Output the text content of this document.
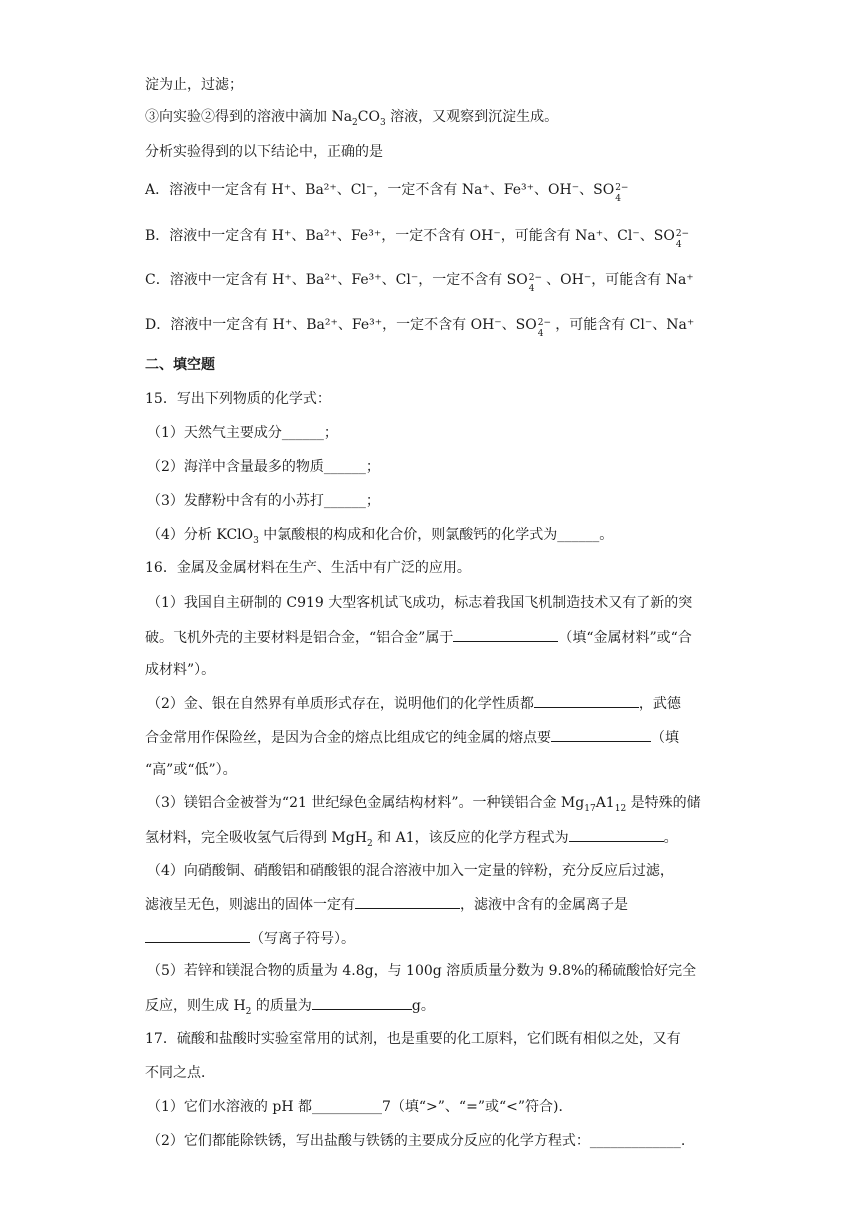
淀为止，过滤；
③向实验②得到的溶液中滴加 $Na_2CO_3$ 溶液，又观察到沉淀生成。
分析实验得到的以下结论中，正确的是
A．溶液中一定含有 H⁺、Ba²⁺、Cl⁻，一定不含有 Na⁺、Fe³⁺、OH⁻、SO 2−
4
B．溶液中一定含有 H⁺、Ba²⁺、Fe³⁺，一定不含有 OH⁻，可能含有 Na⁺、Cl⁻、SO 2−
4
C．溶液中一定含有 H⁺、Ba²⁺、Fe³⁺、Cl⁻，一定不含有 SO 2−
4
、OH⁻，可能含有 Na⁺
D．溶液中一定含有 H⁺、Ba²⁺、Fe³⁺，一定不含有 OH⁻、SO 2−
4
，可能含有 Cl⁻、Na⁺
二、填空题
15．写出下列物质的化学式：
（1）天然气主要成分______；
（2）海洋中含量最多的物质______；
（3）发酵粉中含有的小苏打______；
（4）分析 KClO$_3$ 中氯酸根的构成和化合价，则氯酸钙的化学式为______。
16．金属及金属材料在生产、生活中有广泛的应用。
（1）我国自主研制的 C919 大型客机试飞成功，标志着我国飞机制造技术又有了新的突
破。飞机外壳的主要材料是铝合金，“铝合金”属于	（填“金属材料”或“合
成材料”）。
（2）金、银在自然界有单质形式存在，说明他们的化学性质都	，武德
合金常用作保险丝，是因为合金的熔点比组成它的纯金属的熔点要	（填
“高”或“低”）。
（3）镁铝合金被誉为“21 世纪绿色金属结构材料”。一种镁铝合金 $Mg_{17}A1_{12}$ 是特殊的储
氢材料，完全吸收氢气后得到 MgH$_2$ 和 A1，该反应的化学方程式为	。
（4）向硝酸铜、硝酸铝和硝酸银的混合溶液中加入一定量的锌粉，充分反应后过滤，
滤液呈无色，则滤出的固体一定有	，滤液中含有的金属离子是
（写离子符号）。
（5）若锌和镁混合物的质量为 4.8g，与 100g 溶质质量分数为 9.8%的稀硫酸恰好完全
反应，则生成 $H_2$ 的质量为	g。
17．硫酸和盐酸时实验室常用的试剂，也是重要的化工原料，它们既有相似之处，又有
不同之点．
（1）它们水溶液的 pH 都__________7（填“>”、“=”或“<”符合)．
（2）它们都能除铁锈，写出盐酸与铁锈的主要成分反应的化学方程式：_____________.
